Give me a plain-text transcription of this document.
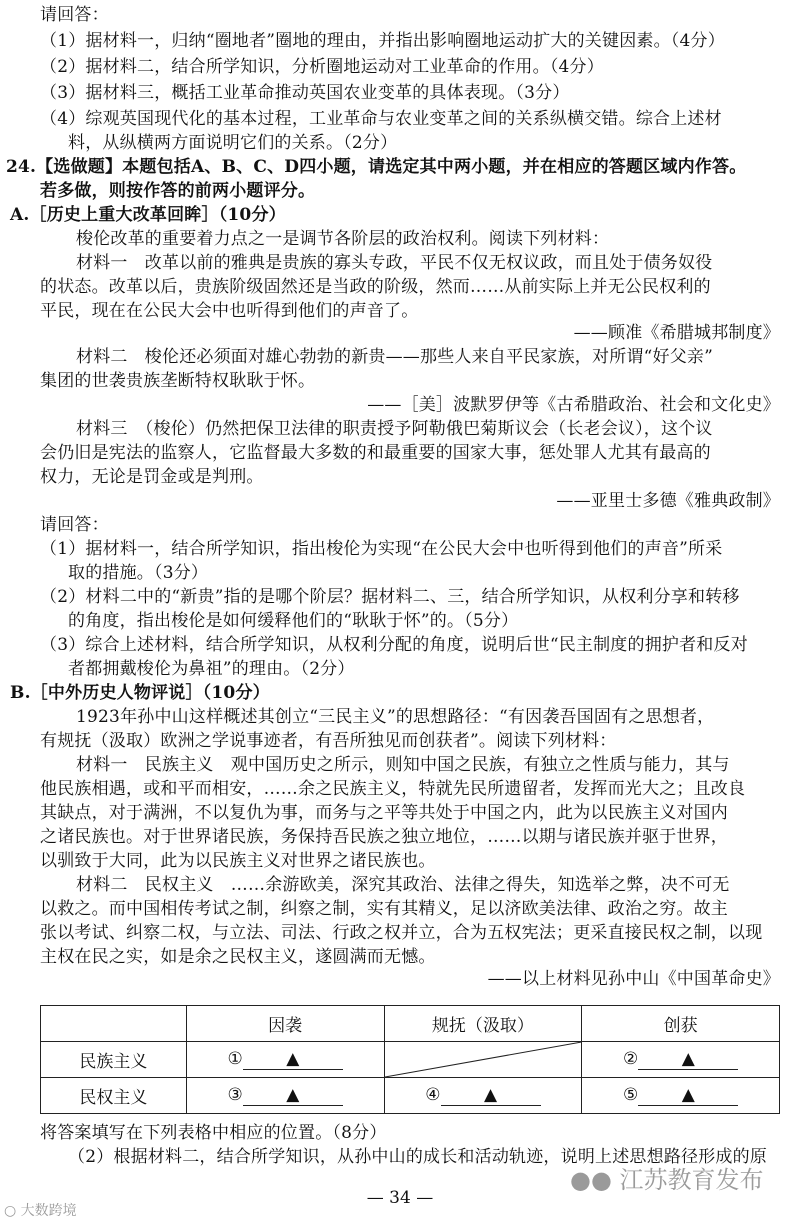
请回答：
（1）据材料一，归纳“圈地者”圈地的理由，并指出影响圈地运动扩大的关键因素。（4分）
（2）据材料二，结合所学知识，分析圈地运动对工业革命的作用。（4分）
（3）据材料三，概括工业革命推动英国农业变革的具体表现。（3分）
（4）综观英国现代化的基本过程，工业革命与农业变革之间的关系纵横交错。综合上述材
料，从纵横两方面说明它们的关系。（2分）
24.【选做题】本题包括A、B、C、D四小题，请选定其中两小题，并在相应的答题区域内作答。
若多做，则按作答的前两小题评分。
A.［历史上重大改革回眸］（10分）
梭伦改革的重要着力点之一是调节各阶层的政治权利。阅读下列材料：
材料一　改革以前的雅典是贵族的寡头专政，平民不仅无权议政，而且处于债务奴役
的状态。改革以后，贵族阶级固然还是当政的阶级，然而……从前实际上并无公民权利的
平民，现在在公民大会中也听得到他们的声音了。
——顾准《希腊城邦制度》
材料二　梭伦还必须面对雄心勃勃的新贵——那些人来自平民家族，对所谓“好父亲”
集团的世袭贵族垄断特权耿耿于怀。
——［美］波默罗伊等《古希腊政治、社会和文化史》
材料三　（梭伦）仍然把保卫法律的职责授予阿勒俄巴菊斯议会（长老会议），这个议
会仍旧是宪法的监察人，它监督最大多数的和最重要的国家大事，惩处罪人尤其有最高的
权力，无论是罚金或是判刑。
——亚里士多德《雅典政制》
请回答：
（1）据材料一，结合所学知识，指出梭伦为实现“在公民大会中也听得到他们的声音”所采
取的措施。（3分）
（2）材料二中的“新贵”指的是哪个阶层？据材料二、三，结合所学知识，从权利分享和转移
的角度，指出梭伦是如何缓释他们的“耿耿于怀”的。（5分）
（3）综合上述材料，结合所学知识，从权利分配的角度，说明后世“民主制度的拥护者和反对
者都拥戴梭伦为鼻祖”的理由。（2分）
B.［中外历史人物评说］（10分）
1923年孙中山这样概述其创立“三民主义”的思想路径：“有因袭吾国固有之思想者，
有规抚（汲取）欧洲之学说事迹者，有吾所独见而创获者”。阅读下列材料：
材料一　民族主义　观中国历史之所示，则知中国之民族，有独立之性质与能力，其与
他民族相遇，或和平而相安，……余之民族主义，特就先民所遗留者，发挥而光大之；且改良
其缺点，对于满洲，不以复仇为事，而务与之平等共处于中国之内，此为以民族主义对国内
之诸民族也。对于世界诸民族，务保持吾民族之独立地位，……以期与诸民族并驱于世界，
以驯致于大同，此为以民族主义对世界之诸民族也。
材料二　民权主义　……余游欧美，深究其政治、法律之得失，知选举之弊，决不可无
以救之。而中国相传考试之制，纠察之制，实有其精义，足以济欧美法律、政治之穷。故主
张以考试、纠察二权，与立法、司法、行政之权并立，合为五权宪法；更采直接民权之制，以现
主权在民之实，如是余之民权主义，遂圆满而无憾。
——以上材料见孙中山《中国革命史》
	因袭	规抚（汲取）	创获
民族主义	① ▲		② ▲
民权主义	③ ▲	④ ▲	⑤ ▲
将答案填写在下列表格中相应的位置。（8分）
（2）根据材料二，结合所学知识，从孙中山的成长和活动轨迹，说明上述思想路径形成的原
— 34 —
●● 江苏教育发布
○ 大数跨境
